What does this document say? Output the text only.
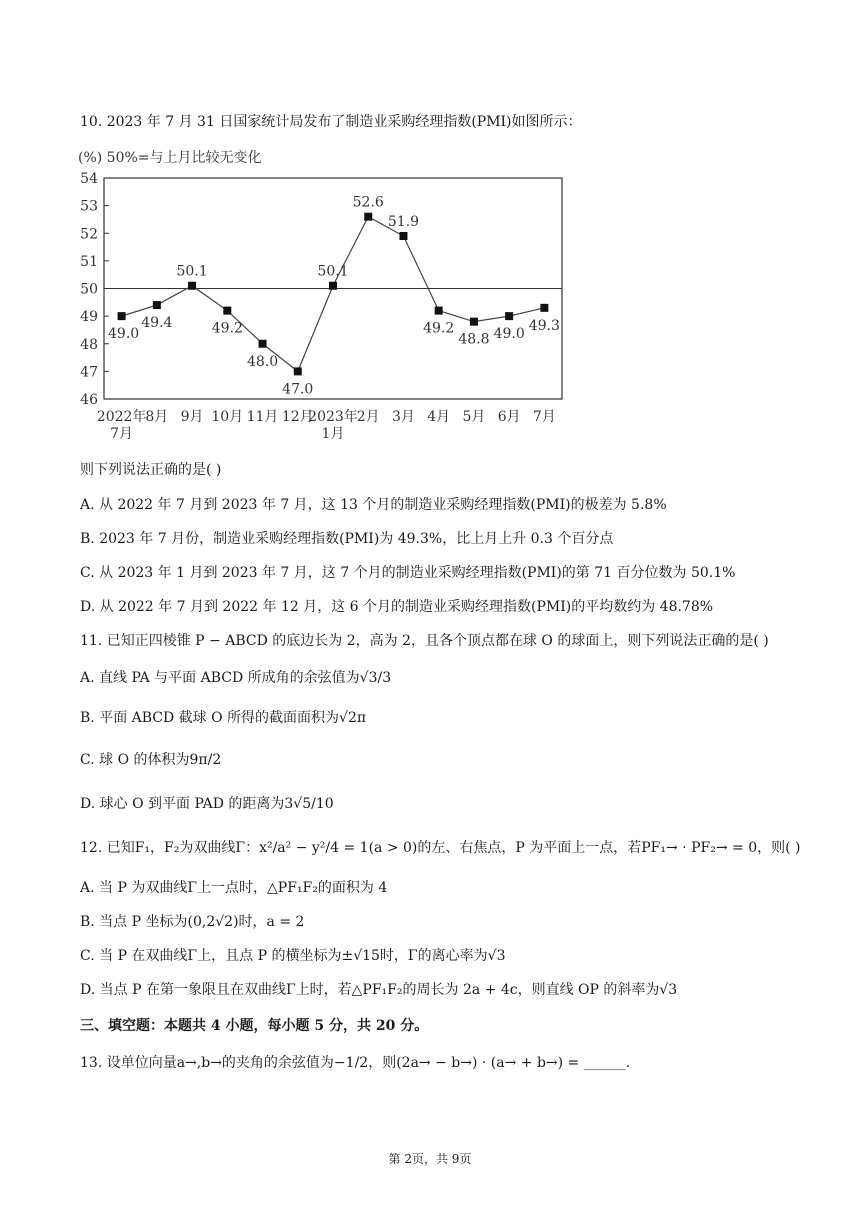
10. 2023 年 7 月 31 日国家统计局发布了制造业采购经理指数(PMI)如图所示：
(%) 50%=与上月比较无变化
49.0
49.4
50.1
49.2
48.0
47.0
50.1
52.6
51.9
49.2
48.8 49.0
49.3
2022年
7月
8月 9月 10月 11月 12月
2023年
1月
2月 3月 4月 5月 6月 7月
46
47
48
49
50
51
52
53
54
则下列说法正确的是( )
A. 从 2022 年 7 月到 2023 年 7 月，这 13 个月的制造业采购经理指数(PMI)的极差为 5.8%
B. 2023 年 7 月份，制造业采购经理指数(PMI)为 49.3%，比上月上升 0.3 个百分点
C. 从 2023 年 1 月到 2023 年 7 月，这 7 个月的制造业采购经理指数(PMI)的第 71 百分位数为 50.1%
D. 从 2022 年 7 月到 2022 年 12 月，这 6 个月的制造业采购经理指数(PMI)的平均数约为 48.78%
11. 已知正四棱锥 P − ABCD 的底边长为 2，高为 2，且各个顶点都在球 O 的球面上，则下列说法正确的是( )
A. 直线 PA 与平面 ABCD 所成角的余弦值为√3/3
B. 平面 ABCD 截球 O 所得的截面面积为√2π
C. 球 O 的体积为9π/2
D. 球心 O 到平面 PAD 的距离为3√5/10
12. 已知F₁，F₂为双曲线Γ：x²/a² − y²/4 = 1(a > 0)的左、右焦点，P 为平面上一点，若PF₁→ · PF₂→ = 0，则( )
A. 当 P 为双曲线Γ上一点时，△PF₁F₂的面积为 4
B. 当点 P 坐标为(0,2√2)时，a = 2
C. 当 P 在双曲线Γ上，且点 P 的横坐标为±√15时，Γ的离心率为√3
D. 当点 P 在第一象限且在双曲线Γ上时，若△PF₁F₂的周长为 2a + 4c，则直线 OP 的斜率为√3
三、填空题：本题共 4 小题，每小题 5 分，共 20 分。
13. 设单位向量a→,b→的夹角的余弦值为−1/2，则(2a→ − b→) · (a→ + b→) = ______.
第 2页，共 9页
